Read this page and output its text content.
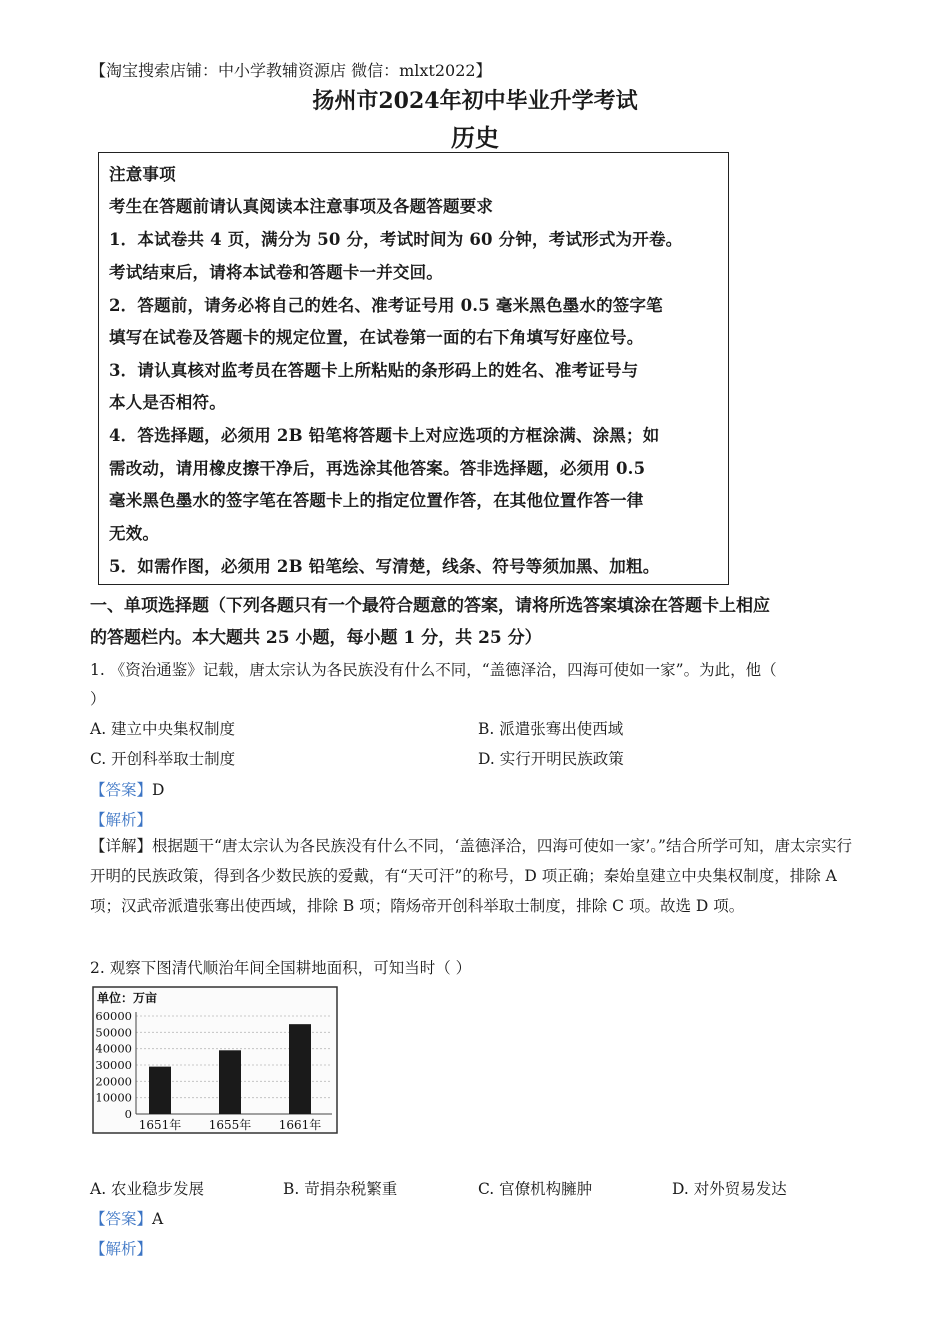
【淘宝搜索店铺：中小学教辅资源店 微信：mlxt2022】
扬州市2024年初中毕业升学考试
历史
注意事项
考生在答题前请认真阅读本注意事项及各题答题要求
1．本试卷共 4 页，满分为 50 分，考试时间为 60 分钟，考试形式为开卷。
考试结束后，请将本试卷和答题卡一并交回。
2．答题前，请务必将自己的姓名、准考证号用 0.5 毫米黑色墨水的签字笔
填写在试卷及答题卡的规定位置，在试卷第一面的右下角填写好座位号。
3．请认真核对监考员在答题卡上所粘贴的条形码上的姓名、准考证号与
本人是否相符。
4．答选择题，必须用 2B 铅笔将答题卡上对应选项的方框涂满、涂黑；如
需改动，请用橡皮擦干净后，再选涂其他答案。答非选择题，必须用 0.5
毫米黑色墨水的签字笔在答题卡上的指定位置作答，在其他位置作答一律
无效。
5．如需作图，必须用 2B 铅笔绘、写清楚，线条、符号等须加黑、加粗。
一、单项选择题（下列各题只有一个最符合题意的答案，请将所选答案填涂在答题卡上相应
的答题栏内。本大题共 25 小题，每小题 1 分，共 25 分）
1. 《资治通鉴》记载，唐太宗认为各民族没有什么不同，“盖德泽洽，四海可使如一家”。为此，他（
）
A. 建立中央集权制度	B. 派遣张骞出使西域
C. 开创科举取士制度	D. 实行开明民族政策
【答案】D
【解析】
【详解】根据题干“唐太宗认为各民族没有什么不同，‘盖德泽洽，四海可使如一家’。”结合所学可知，唐太宗实行开明的民族政策，得到各少数民族的爱戴，有“天可汗”的称号，D 项正确；秦始皇建立中央集权制度，排除 A 项；汉武帝派遣张骞出使西域，排除 B 项；隋炀帝开创科举取士制度，排除 C 项。故选 D 项。
2. 观察下图清代顺治年间全国耕地面积，可知当时（ ）
单位：万亩
60000
50000
40000
30000
20000
10000
0
1651年 1655年 1661年
A. 农业稳步发展	B. 苛捐杂税繁重	C. 官僚机构臃肿	D. 对外贸易发达
【答案】A
【解析】
